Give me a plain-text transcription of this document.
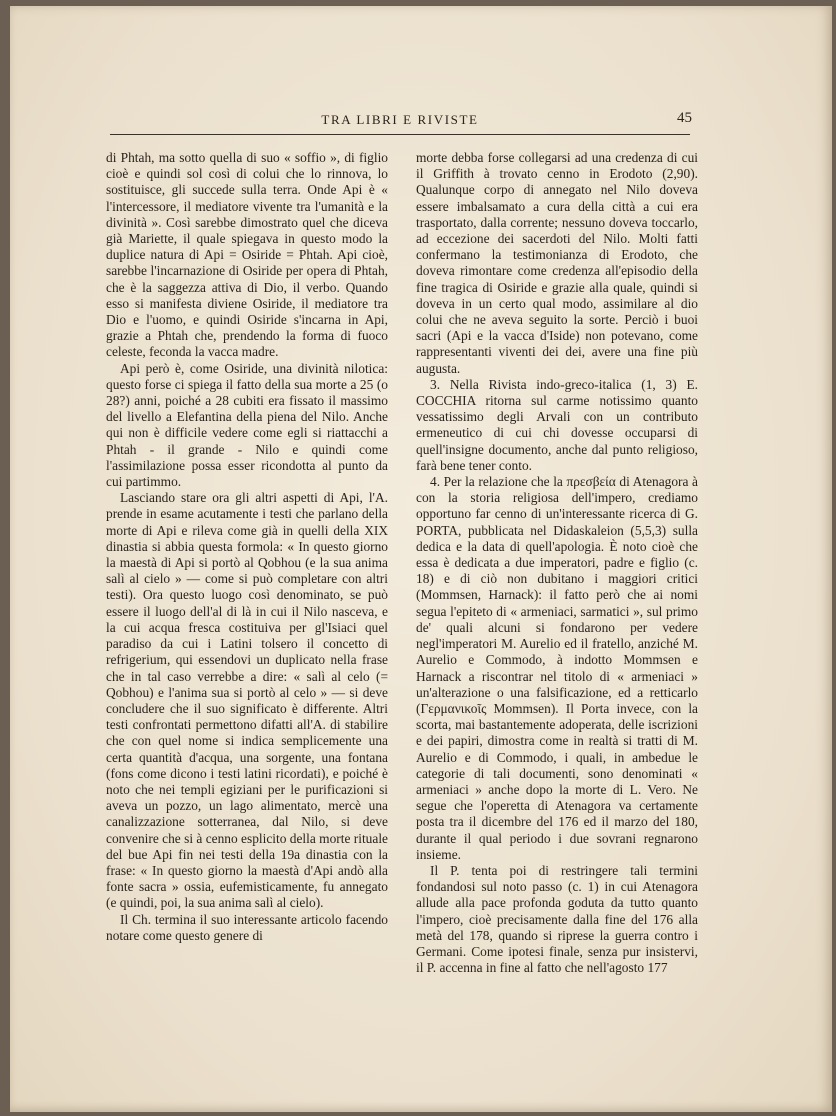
TRA LIBRI E RIVISTE	45

di Phtah, ma sotto quella di suo « soffio », di figlio cioè e quindi sol così di colui che lo rinnova, lo sostituisce, gli succede sulla terra. Onde Api è « l'intercessore, il mediatore vivente tra l'umanità e la divinità ». Così sarebbe dimostrato quel che diceva già Mariette, il quale spiegava in questo modo la duplice natura di Api = Osiride = Phtah. Api cioè, sarebbe l'incarnazione di Osiride per opera di Phtah, che è la saggezza attiva di Dio, il verbo. Quando esso si manifesta diviene Osiride, il mediatore tra Dio e l'uomo, e quindi Osiride s'incarna in Api, grazie a Phtah che, prendendo la forma di fuoco celeste, feconda la vacca madre.

Api però è, come Osiride, una divinità nilotica: questo forse ci spiega il fatto della sua morte a 25 (o 28?) anni, poiché a 28 cubiti era fissato il massimo del livello a Elefantina della piena del Nilo. Anche qui non è difficile vedere come egli si riattacchi a Phtah - il grande - Nilo e quindi come l'assimilazione possa esser ricondotta al punto da cui partimmo.

Lasciando stare ora gli altri aspetti di Api, l'A. prende in esame acutamente i testi che parlano della morte di Api e rileva come già in quelli della XIX dinastia si abbia questa formola: « In questo giorno la maestà di Api si portò al Qobhou (e la sua anima salì al cielo » — come si può completare con altri testi). Ora questo luogo così denominato, se può essere il luogo dell'al di là in cui il Nilo nasceva, e la cui acqua fresca costituiva per gl'Isiaci quel paradiso da cui i Latini tolsero il concetto di refrigerium, qui essendovi un duplicato nella frase che in tal caso verrebbe a dire: « salì al celo (= Qobhou) e l'anima sua si portò al celo » — si deve concludere che il suo significato è differente. Altri testi confrontati permettono difatti all'A. di stabilire che con quel nome si indica semplicemente una certa quantità d'acqua, una sorgente, una fontana (fons come dicono i testi latini ricordati), e poiché è noto che nei templi egiziani per le purificazioni si aveva un pozzo, un lago alimentato, mercè una canalizzazione sotterranea, dal Nilo, si deve convenire che si à cenno esplicito della morte rituale del bue Api fin nei testi della 19a dinastia con la frase: « In questo giorno la maestà d'Api andò alla fonte sacra » ossia, eufemisticamente, fu annegato (e quindi, poi, la sua anima salì al cielo).

Il Ch. termina il suo interessante articolo facendo notare come questo genere di

morte debba forse collegarsi ad una credenza di cui il Griffith à trovato cenno in Erodoto (2,90). Qualunque corpo di annegato nel Nilo doveva essere imbalsamato a cura della città a cui era trasportato, dalla corrente; nessuno doveva toccarlo, ad eccezione dei sacerdoti del Nilo. Molti fatti confermano la testimonianza di Erodoto, che doveva rimontare come credenza all'episodio della fine tragica di Osiride e grazie alla quale, quindi si doveva in un certo qual modo, assimilare al dio colui che ne aveva seguito la sorte. Perciò i buoi sacri (Api e la vacca d'Iside) non potevano, come rappresentanti viventi dei dei, avere una fine più augusta.

3. Nella Rivista indo-greco-italica (1, 3) E. COCCHIA ritorna sul carme notissimo quanto vessatissimo degli Arvali con un contributo ermeneutico di cui chi dovesse occuparsi di quell'insigne documento, anche dal punto religioso, farà bene tener conto.

4. Per la relazione che la πρεσβεία di Atenagora à con la storia religiosa dell'impero, crediamo opportuno far cenno di un'interessante ricerca di G. PORTA, pubblicata nel Didaskaleion (5,5,3) sulla dedica e la data di quell'apologia. È noto cioè che essa è dedicata a due imperatori, padre e figlio (c. 18) e di ciò non dubitano i maggiori critici (Mommsen, Harnack): il fatto però che ai nomi segua l'epiteto di « armeniaci, sarmatici », sul primo de' quali alcuni si fondarono per vedere negl'imperatori M. Aurelio ed il fratello, anziché M. Aurelio e Commodo, à indotto Mommsen e Harnack a riscontrar nel titolo di « armeniaci » un'alterazione o una falsificazione, ed a retticarlo (Γερμανικοῖς Mommsen). Il Porta invece, con la scorta, mai bastantemente adoperata, delle iscrizioni e dei papiri, dimostra come in realtà si tratti di M. Aurelio e di Commodo, i quali, in ambedue le categorie di tali documenti, sono denominati « armeniaci » anche dopo la morte di L. Vero. Ne segue che l'operetta di Atenagora va certamente posta tra il dicembre del 176 ed il marzo del 180, durante il qual periodo i due sovrani regnarono insieme.

Il P. tenta poi di restringere tali termini fondandosi sul noto passo (c. 1) in cui Atenagora allude alla pace profonda goduta da tutto quanto l'impero, cioè precisamente dalla fine del 176 alla metà del 178, quando si riprese la guerra contro i Germani. Come ipotesi finale, senza pur insistervi, il P. accenna in fine al fatto che nell'agosto 177
